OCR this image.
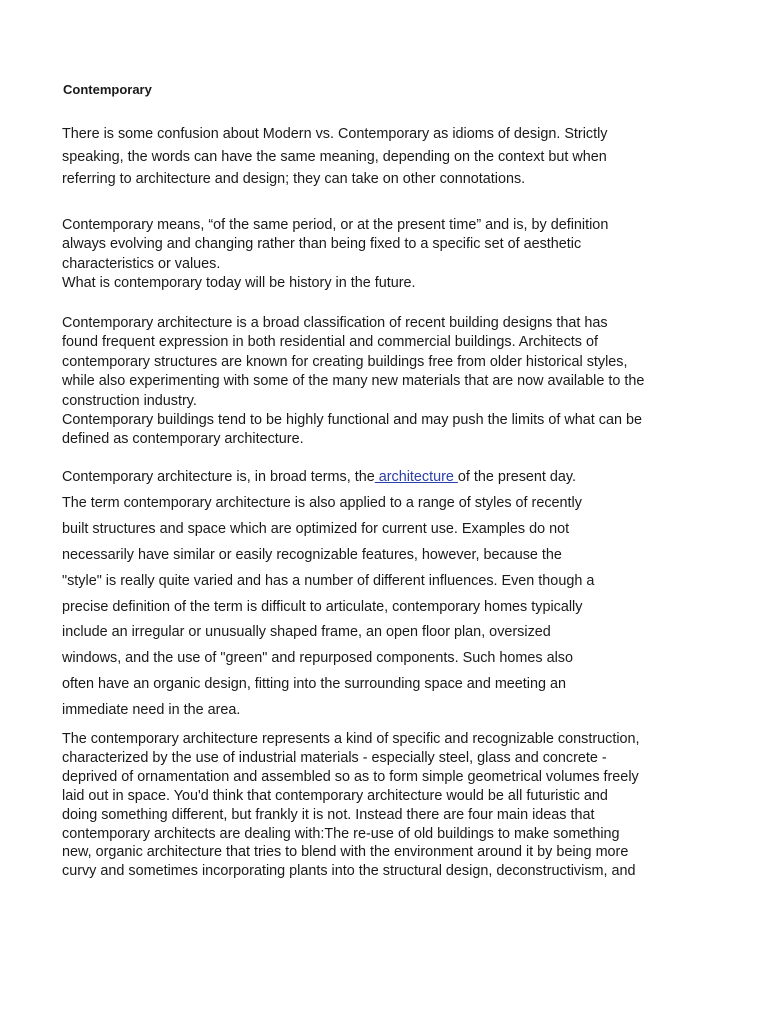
Contemporary

There is some confusion about Modern vs. Contemporary as idioms of design. Strictly
speaking, the words can have the same meaning, depending on the context but when
referring to architecture and design; they can take on other connotations.

Contemporary means, “of the same period, or at the present time” and is, by definition
always evolving and changing rather than being fixed to a specific set of aesthetic
characteristics or values.
What is contemporary today will be history in the future.

Contemporary architecture is a broad classification of recent building designs that has
found frequent expression in both residential and commercial buildings. Architects of
contemporary structures are known for creating buildings free from older historical styles,
while also experimenting with some of the many new materials that are now available to the
construction industry.
Contemporary buildings tend to be highly functional and may push the limits of what can be
defined as contemporary architecture.

Contemporary architecture is, in broad terms, the architecture of the present day.
The term contemporary architecture is also applied to a range of styles of recently
built structures and space which are optimized for current use. Examples do not
necessarily have similar or easily recognizable features, however, because the
"style" is really quite varied and has a number of different influences. Even though a
precise definition of the term is difficult to articulate, contemporary homes typically
include an irregular or unusually shaped frame, an open floor plan, oversized
windows, and the use of "green" and repurposed components. Such homes also
often have an organic design, fitting into the surrounding space and meeting an
immediate need in the area.

The contemporary architecture represents a kind of specific and recognizable construction,
characterized by the use of industrial materials - especially steel, glass and concrete -
deprived of ornamentation and assembled so as to form simple geometrical volumes freely
laid out in space. You'd think that contemporary architecture would be all futuristic and
doing something different, but frankly it is not. Instead there are four main ideas that
contemporary architects are dealing with:The re-use of old buildings to make something
new, organic architecture that tries to blend with the environment around it by being more
curvy and sometimes incorporating plants into the structural design, deconstructivism, and
